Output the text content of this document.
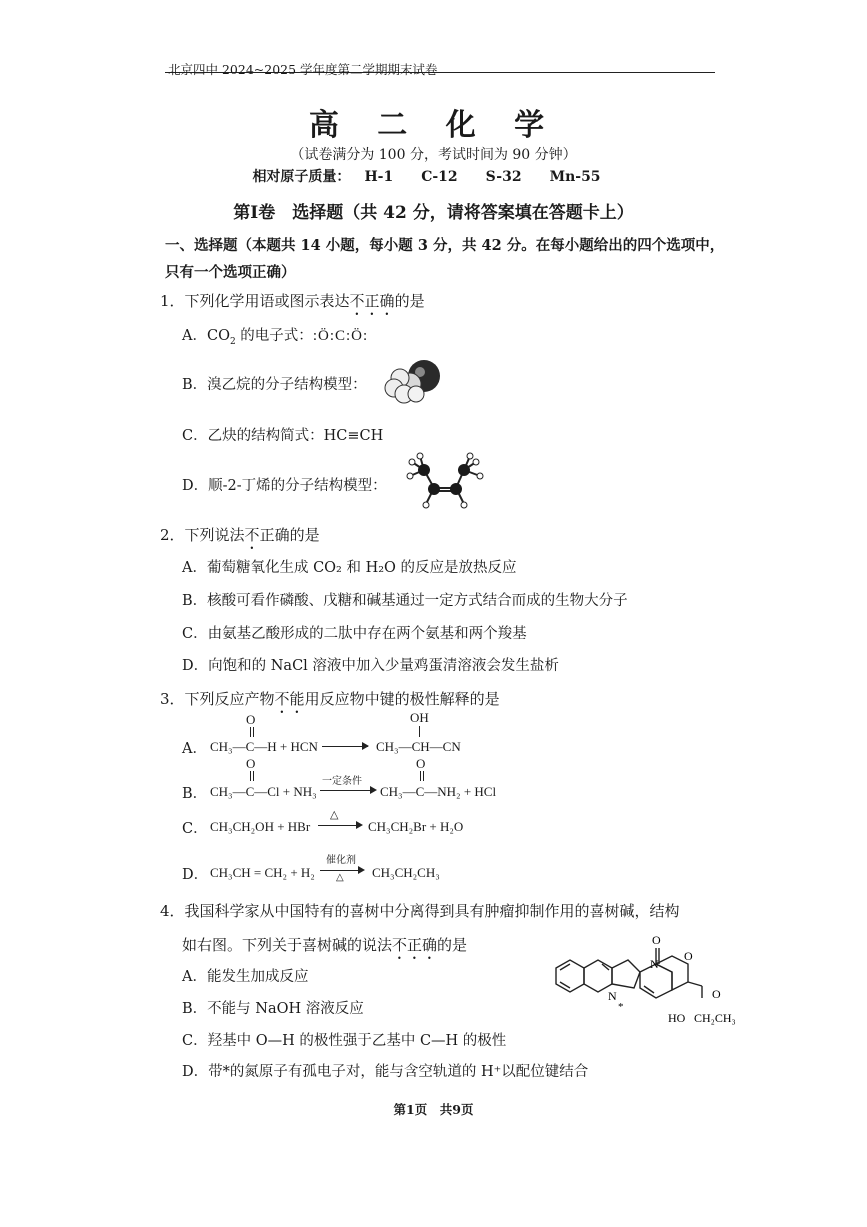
北京四中 2024~2025 学年度第二学期期末试卷
高 二 化 学
（试卷满分为 100 分，考试时间为 90 分钟）
相对原子质量： H-1 C-12 S-32 Mn-55
第Ⅰ卷　选择题（共 42 分，请将答案填在答题卡上）
一、选择题（本题共 14 小题，每小题 3 分，共 42 分。在每小题给出的四个选项中，只有一个选项正确）
1．下列化学用语或图示表达不正确的是
A．$CO_2$ 的电子式：:Ö:C:Ö:
B．溴乙烷的分子结构模型：
C．乙炔的结构简式：HC≡CH
D．顺-2-丁烯的分子结构模型：
2．下列说法不正确的是
A．葡萄糖氧化生成 CO₂ 和 H₂O 的反应是放热反应
B．核酸可看作磷酸、戊糖和碱基通过一定方式结合而成的生物大分子
C．由氨基乙酸形成的二肽中存在两个氨基和两个羧基
D．向饱和的 NaCl 溶液中加入少量鸡蛋清溶液会发生盐析
3．下列反应产物不能用反应物中键的极性解释的是
O	OH
A． CH₃—C—H + HCN	CH₃—CH—CN
O	O
B． CH₃—C—Cl + NH₃
一定条件
CH₃—C—NH₂ + HCl
C． CH₃CH₂OH + HBr
△
CH₃CH₂Br + H₂O
D． CH₃CH = CH₂ + H₂
催化剂
△ CH₃CH₂CH₃
4．我国科学家从中国特有的喜树中分离得到具有肿瘤抑制作用的喜树碱，结构
如右图。下列关于喜树碱的说法不正确的是
A．能发生加成反应
B．不能与 NaOH 溶液反应
C．羟基中 O—H 的极性强于乙基中 C—H 的极性
D．带*的氮原子有孤电子对，能与含空轨道的 H⁺以配位键结合
O
O
O
N
N
*
HO CH₂CH₃
第1页　共9页
